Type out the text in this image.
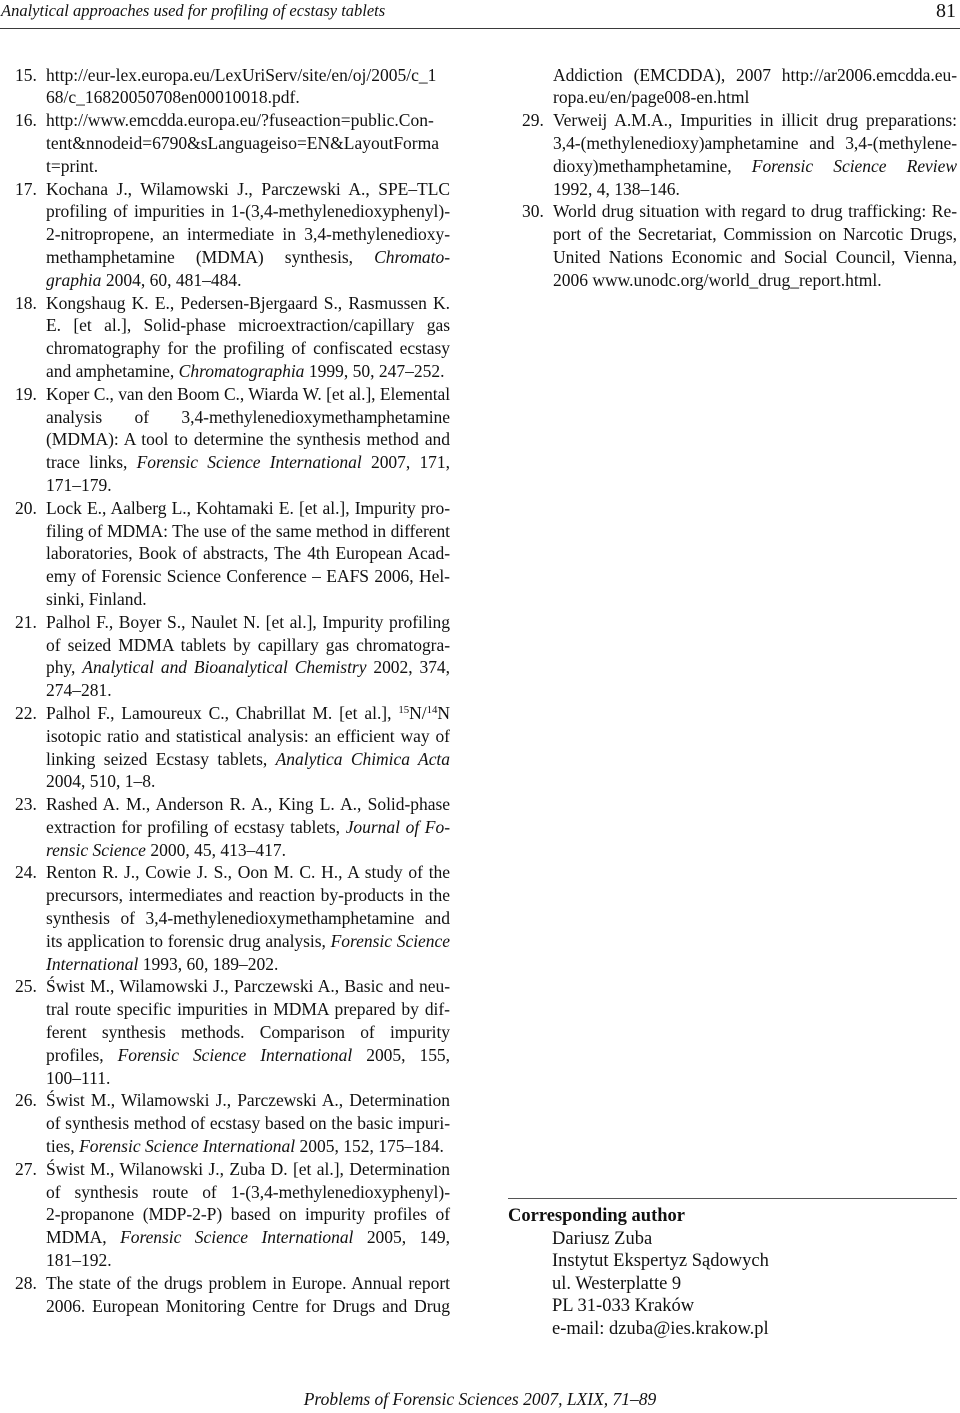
Analytical approaches used for profiling of ecstasy tablets	81
15. http://eur-lex.europa.eu/LexUriServ/site/en/oj/2005/c_1
68/c_16820050708en00010018.pdf.
16. http://www.emcdda.europa.eu/?fuseaction=public.Con-
tent&nnodeid=6790&sLanguageiso=EN&LayoutForma
t=print.
17. Kochana J., Wilamowski J., Parczewski A., SPE–TLC
profiling of impurities in 1-(3,4-methylenedioxyphenyl)-
2-nitropropene, an intermediate in 3,4-methylenedioxy-
methamphetamine (MDMA) synthesis, Chromato-
graphia 2004, 60, 481–484.
18. Kongshaug K. E., Pedersen-Bjergaard S., Rasmussen K.
E. [et al.], Solid-phase microextraction/capillary gas
chromatography for the profiling of confiscated ecstasy
and amphetamine, Chromatographia 1999, 50, 247–252.
19. Koper C., van den Boom C., Wiarda W. [et al.], Elemental
analysis of 3,4-methylenedioxymethamphetamine
(MDMA): A tool to determine the synthesis method and
trace links, Forensic Science International 2007, 171,
171–179.
20. Lock E., Aalberg L., Kohtamaki E. [et al.], Impurity pro-
filing of MDMA: The use of the same method in different
laboratories, Book of abstracts, The 4th European Acad-
emy of Forensic Science Conference – EAFS 2006, Hel-
sinki, Finland.
21. Palhol F., Boyer S., Naulet N. [et al.], Impurity profiling
of seized MDMA tablets by capillary gas chromatogra-
phy, Analytical and Bioanalytical Chemistry 2002, 374,
274–281.
22. Palhol F., Lamoureux C., Chabrillat M. [et al.], $^{15}$N/$^{14}$N
isotopic ratio and statistical analysis: an efficient way of
linking seized Ecstasy tablets, Analytica Chimica Acta
2004, 510, 1–8.
23. Rashed A. M., Anderson R. A., King L. A., Solid-phase
extraction for profiling of ecstasy tablets, Journal of Fo-
rensic Science 2000, 45, 413–417.
24. Renton R. J., Cowie J. S., Oon M. C. H., A study of the
precursors, intermediates and reaction by-products in the
synthesis of 3,4-methylenedioxymethamphetamine and
its application to forensic drug analysis, Forensic Science
International 1993, 60, 189–202.
25. Świst M., Wilamowski J., Parczewski A., Basic and neu-
tral route specific impurities in MDMA prepared by dif-
ferent synthesis methods. Comparison of impurity
profiles, Forensic Science International 2005, 155,
100–111.
26. Świst M., Wilamowski J., Parczewski A., Determination
of synthesis method of ecstasy based on the basic impuri-
ties, Forensic Science International 2005, 152, 175–184.
27. Świst M., Wilanowski J., Zuba D. [et al.], Determination
of synthesis route of 1-(3,4-methylenedioxyphenyl)-
2-propanone (MDP-2-P) based on impurity profiles of
MDMA, Forensic Science International 2005, 149,
181–192.
28. The state of the drugs problem in Europe. Annual report
2006. European Monitoring Centre for Drugs and Drug
Addiction (EMCDDA), 2007 http://ar2006.emcdda.eu-
ropa.eu/en/page008-en.html
29. Verweij A.M.A., Impurities in illicit drug preparations:
3,4-(methylenedioxy)amphetamine and 3,4-(methylene-
dioxy)methamphetamine, Forensic Science Review
1992, 4, 138–146.
30. World drug situation with regard to drug trafficking: Re-
port of the Secretariat, Commission on Narcotic Drugs,
United Nations Economic and Social Council, Vienna,
2006 www.unodc.org/world_drug_report.html.
Corresponding author
Dariusz Zuba
Instytut Ekspertyz Sądowych
ul. Westerplatte 9
PL 31-033 Kraków
e-mail: dzuba@ies.krakow.pl
Problems of Forensic Sciences 2007, LXIX, 71–89
